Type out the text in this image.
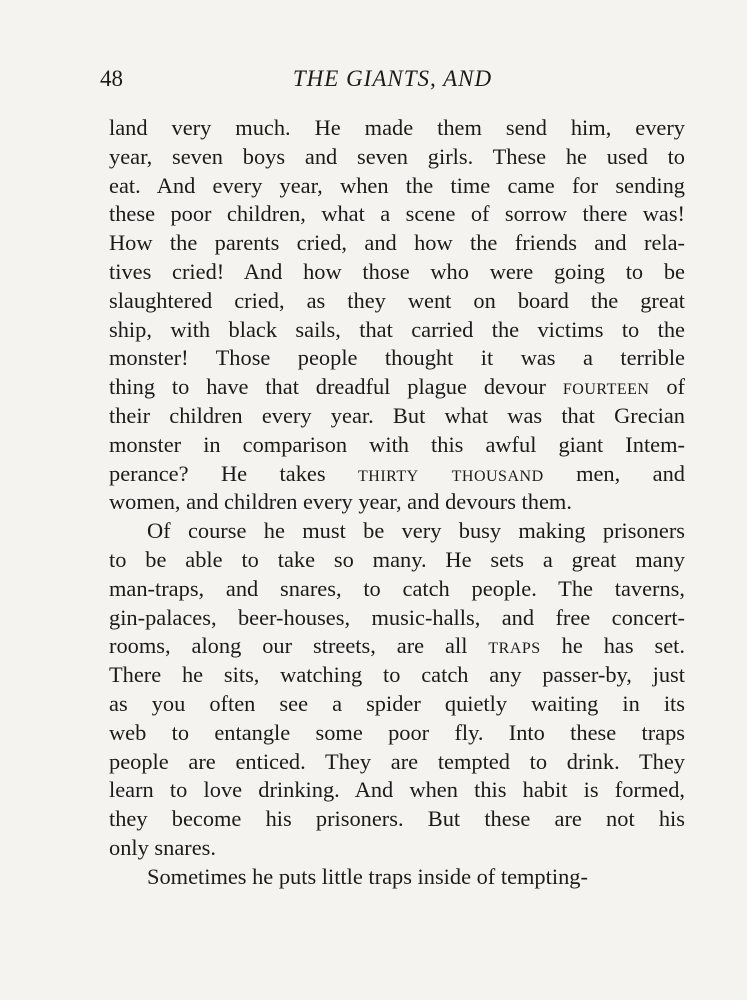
48	THE GIANTS, AND
land very much. He made them send him, every
year, seven boys and seven girls. These he used to
eat. And every year, when the time came for sending
these poor children, what a scene of sorrow there was!
How the parents cried, and how the friends and rela-
tives cried! And how those who were going to be
slaughtered cried, as they went on board the great
ship, with black sails, that carried the victims to the
monster! Those people thought it was a terrible
thing to have that dreadful plague devour fourteen of
their children every year. But what was that Grecian
monster in comparison with this awful giant Intem-
perance? He takes thirty thousand men, and
women, and children every year, and devours them.
Of course he must be very busy making prisoners
to be able to take so many. He sets a great many
man-traps, and snares, to catch people. The taverns,
gin-palaces, beer-houses, music-halls, and free concert-
rooms, along our streets, are all traps he has set.
There he sits, watching to catch any passer-by, just
as you often see a spider quietly waiting in its
web to entangle some poor fly. Into these traps
people are enticed. They are tempted to drink. They
learn to love drinking. And when this habit is formed,
they become his prisoners. But these are not his
only snares.
Sometimes he puts little traps inside of tempting-
